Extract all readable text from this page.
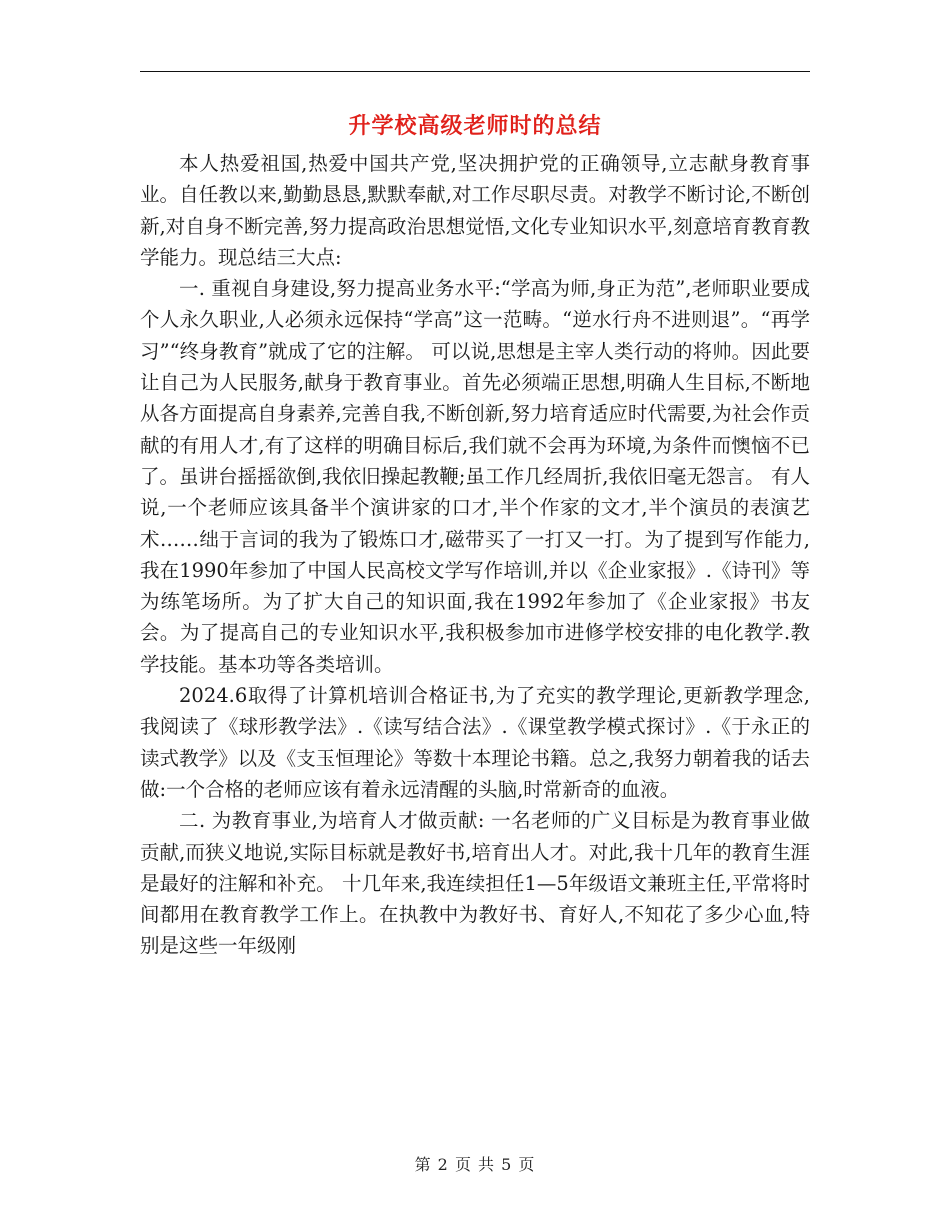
升学校高级老师时的总结

本人热爱祖国,热爱中国共产党,坚决拥护党的正确领导,立志献身教育事业。自任教以来,勤勤恳恳,默默奉献,对工作尽职尽责。对教学不断讨论,不断创新,对自身不断完善,努力提高政治思想觉悟,文化专业知识水平,刻意培育教育教学能力。现总结三大点:

一. 重视自身建设,努力提高业务水平:“学高为师,身正为范”,老师职业要成个人永久职业,人必须永远保持“学高”这一范畴。“逆水行舟不进则退”。“再学习”“终身教育”就成了它的注解。 可以说,思想是主宰人类行动的将帅。因此要让自己为人民服务,献身于教育事业。首先必须端正思想,明确人生目标,不断地从各方面提高自身素养,完善自我,不断创新,努力培育适应时代需要,为社会作贡献的有用人才,有了这样的明确目标后,我们就不会再为环境,为条件而懊恼不已了。虽讲台摇摇欲倒,我依旧操起教鞭;虽工作几经周折,我依旧毫无怨言。 有人说,一个老师应该具备半个演讲家的口才,半个作家的文才,半个演员的表演艺术……绌于言词的我为了锻炼口才,磁带买了一打又一打。为了提到写作能力,我在1990年参加了中国人民高校文学写作培训,并以《企业家报》.《诗刊》等为练笔场所。为了扩大自己的知识面,我在1992年参加了《企业家报》书友会。为了提高自己的专业知识水平,我积极参加市进修学校安排的电化教学.教学技能。基本功等各类培训。

2024.6取得了计算机培训合格证书,为了充实的教学理论,更新教学理念,我阅读了《球形教学法》.《读写结合法》.《课堂教学模式探讨》.《于永正的读式教学》以及《支玉恒理论》等数十本理论书籍。总之,我努力朝着我的话去做:一个合格的老师应该有着永远清醒的头脑,时常新奇的血液。

二. 为教育事业,为培育人才做贡献: 一名老师的广义目标是为教育事业做贡献,而狭义地说,实际目标就是教好书,培育出人才。对此,我十几年的教育生涯是最好的注解和补充。 十几年来,我连续担任1—5年级语文兼班主任,平常将时间都用在教育教学工作上。在执教中为教好书、育好人,不知花了多少心血,特别是这些一年级刚

第 2 页 共 5 页
